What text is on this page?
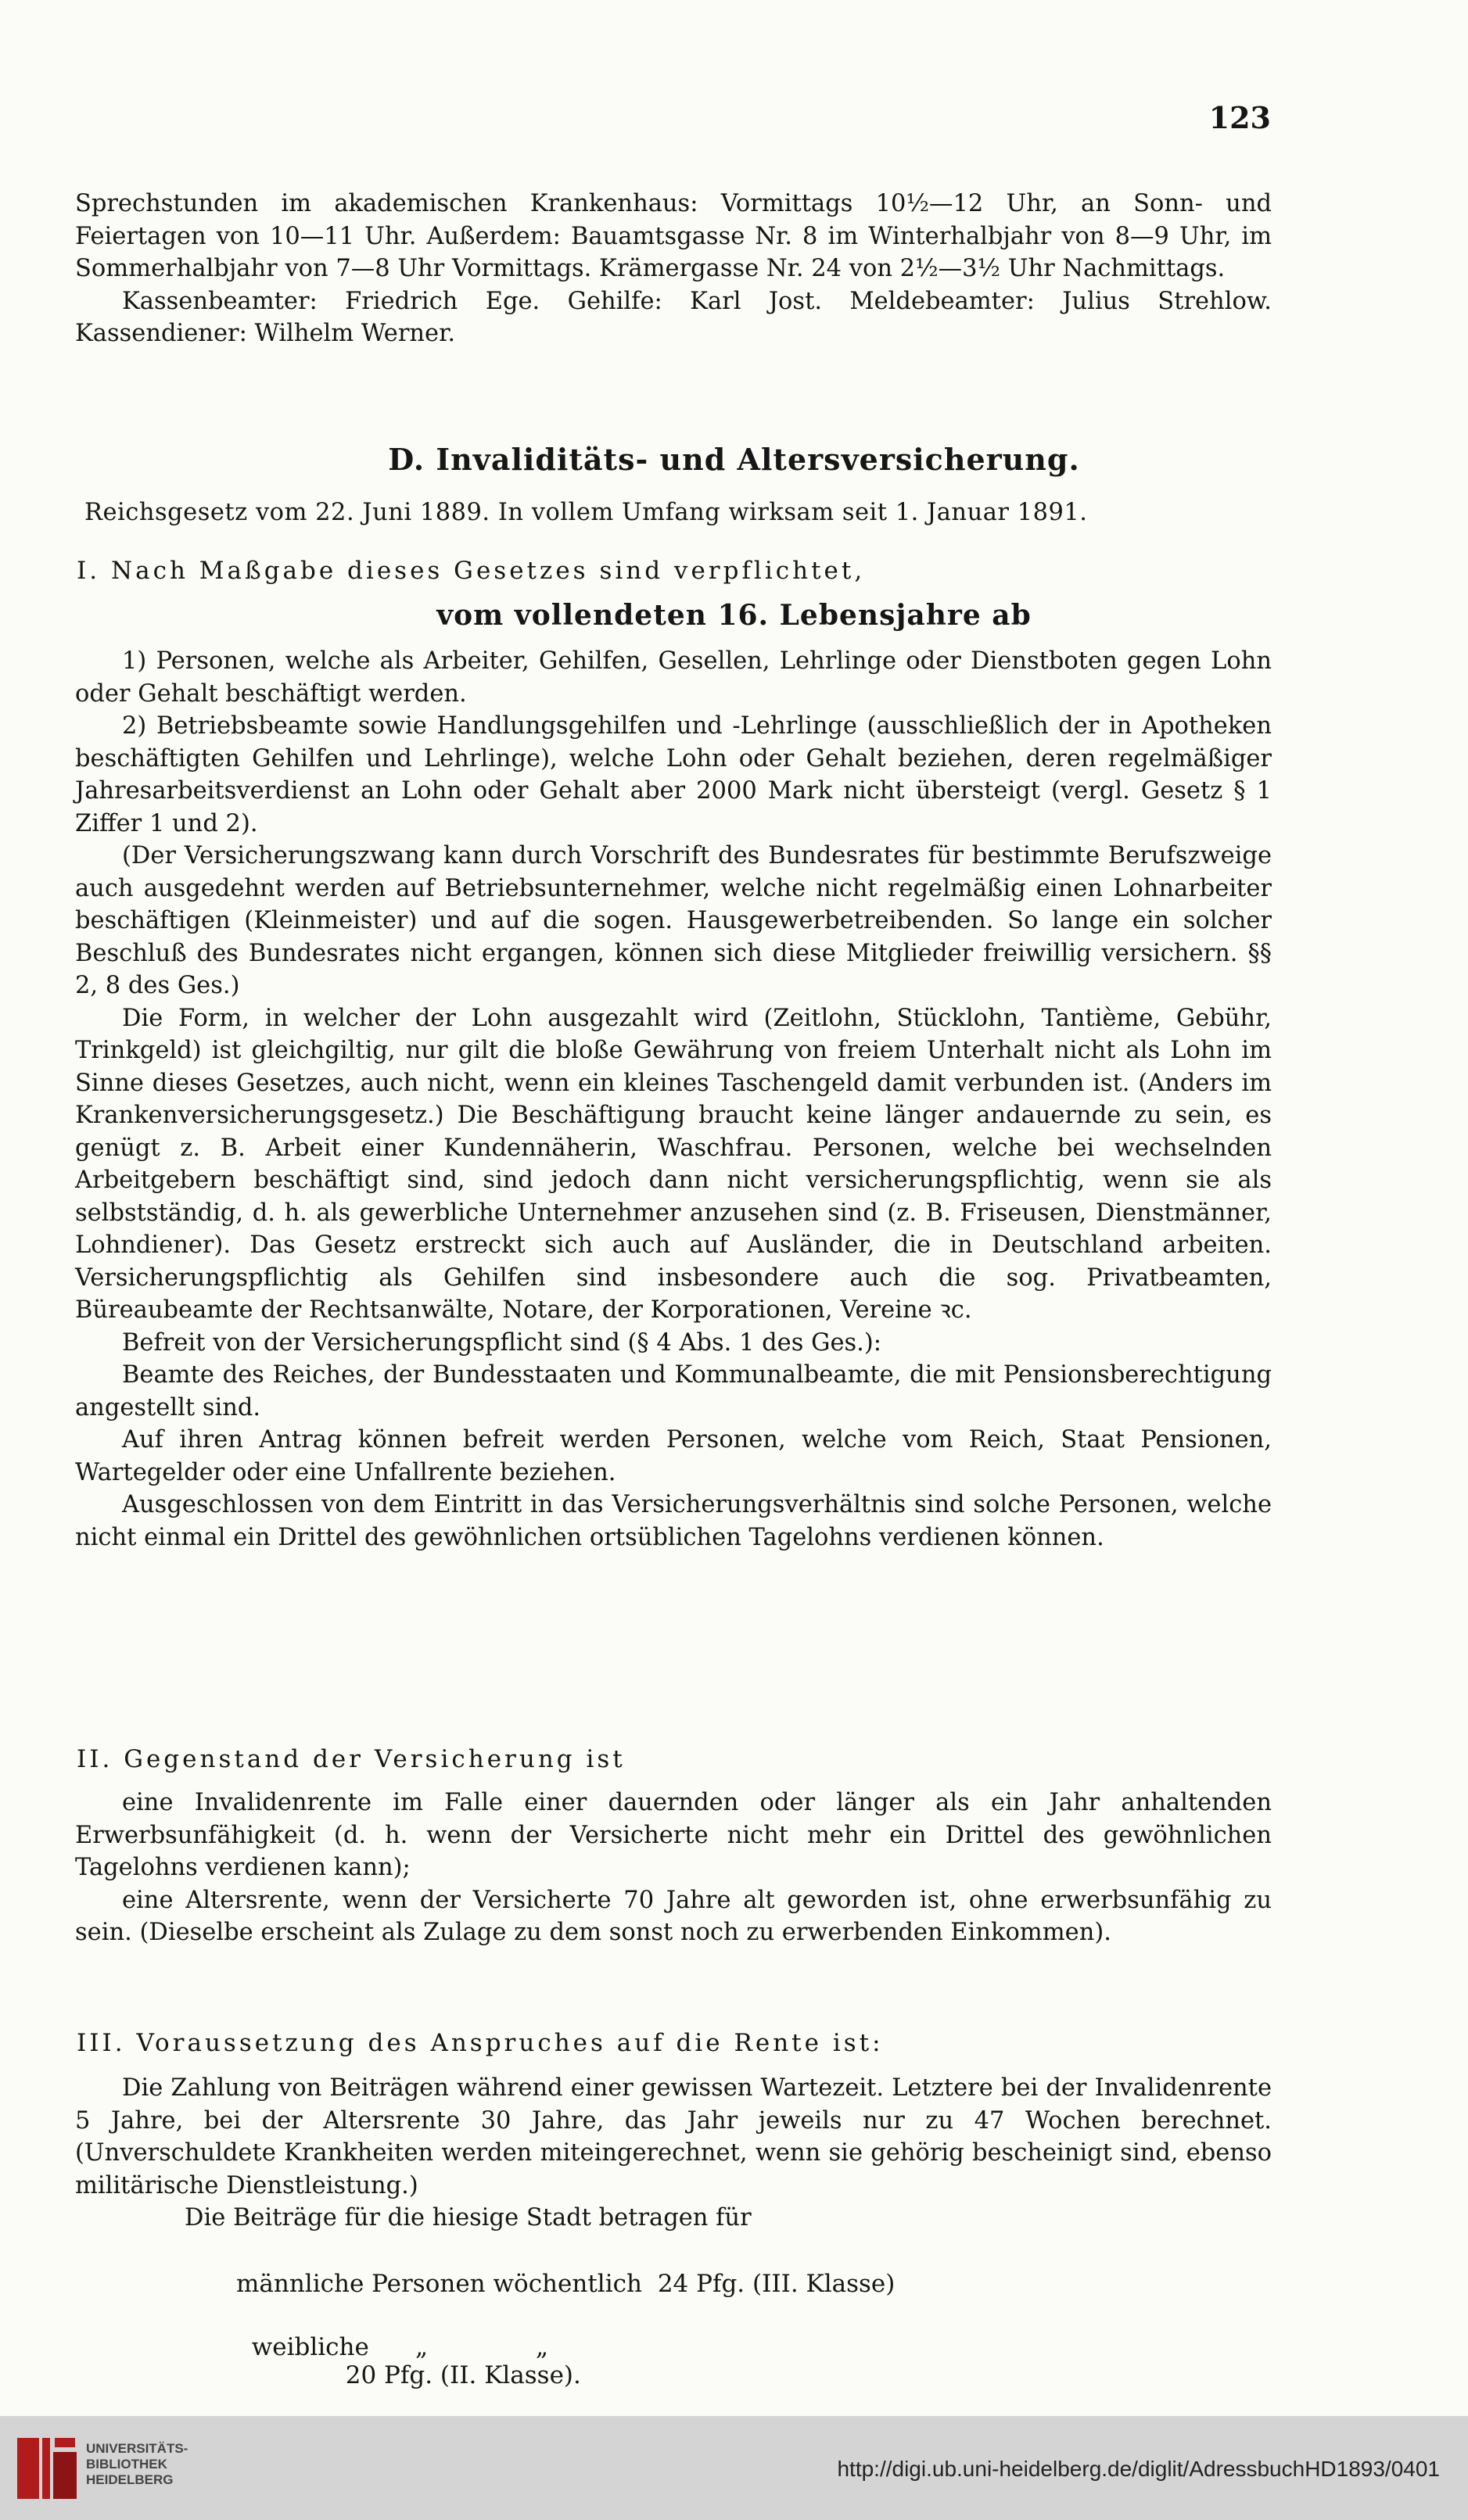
123

Sprechstunden im akademischen Krankenhaus: Vormittags 10½—12 Uhr, an Sonn- und Feiertagen von 10—11 Uhr. Außerdem: Bauamtsgasse Nr. 8 im Winterhalbjahr von 8—9 Uhr, im Sommerhalbjahr von 7—8 Uhr Vormittags. Krämergasse Nr. 24 von 2½—3½ Uhr Nachmittags.

Kassenbeamter: Friedrich Ege. Gehilfe: Karl Jost. Meldebeamter: Julius Strehlow. Kassendiener: Wilhelm Werner.

D. Invaliditäts- und Altersversicherung.
Reichsgesetz vom 22. Juni 1889. In vollem Umfang wirksam seit 1. Januar 1891.
I. Nach Maßgabe dieses Gesetzes sind verpflichtet,
vom vollendeten 16. Lebensjahre ab

1) Personen, welche als Arbeiter, Gehilfen, Gesellen, Lehrlinge oder Dienstboten gegen Lohn oder Gehalt beschäftigt werden.

2) Betriebsbeamte sowie Handlungsgehilfen und -Lehrlinge (ausschließlich der in Apotheken beschäftigten Gehilfen und Lehrlinge), welche Lohn oder Gehalt beziehen, deren regelmäßiger Jahresarbeitsverdienst an Lohn oder Gehalt aber 2000 Mark nicht übersteigt (vergl. Gesetz § 1 Ziffer 1 und 2).

(Der Versicherungszwang kann durch Vorschrift des Bundesrates für bestimmte Berufszweige auch ausgedehnt werden auf Betriebsunternehmer, welche nicht regelmäßig einen Lohnarbeiter beschäftigen (Kleinmeister) und auf die sogen. Hausgewerbetreibenden. So lange ein solcher Beschluß des Bundesrates nicht ergangen, können sich diese Mitglieder freiwillig versichern. §§ 2, 8 des Ges.)

Die Form, in welcher der Lohn ausgezahlt wird (Zeitlohn, Stücklohn, Tantième, Gebühr, Trinkgeld) ist gleichgiltig, nur gilt die bloße Gewährung von freiem Unterhalt nicht als Lohn im Sinne dieses Gesetzes, auch nicht, wenn ein kleines Taschengeld damit verbunden ist. (Anders im Krankenversicherungsgesetz.) Die Beschäftigung braucht keine länger andauernde zu sein, es genügt z. B. Arbeit einer Kundennäherin, Waschfrau. Personen, welche bei wechselnden Arbeitgebern beschäftigt sind, sind jedoch dann nicht versicherungspflichtig, wenn sie als selbstständig, d. h. als gewerbliche Unternehmer anzusehen sind (z. B. Friseusen, Dienstmänner, Lohndiener). Das Gesetz erstreckt sich auch auf Ausländer, die in Deutschland arbeiten. Versicherungspflichtig als Gehilfen sind insbesondere auch die sog. Privatbeamten, Büreaubeamte der Rechtsanwälte, Notare, der Korporationen, Vereine ꝛc.

Befreit von der Versicherungspflicht sind (§ 4 Abs. 1 des Ges.):

Beamte des Reiches, der Bundesstaaten und Kommunalbeamte, die mit Pensionsberechtigung angestellt sind.

Auf ihren Antrag können befreit werden Personen, welche vom Reich, Staat Pensionen, Wartegelder oder eine Unfallrente beziehen.

Ausgeschlossen von dem Eintritt in das Versicherungsverhältnis sind solche Personen, welche nicht einmal ein Drittel des gewöhnlichen ortsüblichen Tagelohns verdienen können.

II. Gegenstand der Versicherung ist

eine Invalidenrente im Falle einer dauernden oder länger als ein Jahr anhaltenden Erwerbsunfähigkeit (d. h. wenn der Versicherte nicht mehr ein Drittel des gewöhnlichen Tagelohns verdienen kann);

eine Altersrente, wenn der Versicherte 70 Jahre alt geworden ist, ohne erwerbsunfähig zu sein. (Dieselbe erscheint als Zulage zu dem sonst noch zu erwerbenden Einkommen).

III. Voraussetzung des Anspruches auf die Rente ist:

Die Zahlung von Beiträgen während einer gewissen Wartezeit. Letztere bei der Invalidenrente 5 Jahre, bei der Altersrente 30 Jahre, das Jahr jeweils nur zu 47 Wochen berechnet. (Unverschuldete Krankheiten werden miteingerechnet, wenn sie gehörig bescheinigt sind, ebenso militärische Dienstleistung.)

Die Beiträge für die hiesige Stadt betragen für

männliche Personen wöchentlich 24 Pfg. (III. Klasse)

weibliche      „              „
20 Pfg. (II. Klasse).

UNIVERSITÄTS-
BIBLIOTHEK
HEIDELBERG	http://digi.ub.uni-heidelberg.de/diglit/AdressbuchHD1893/0401
